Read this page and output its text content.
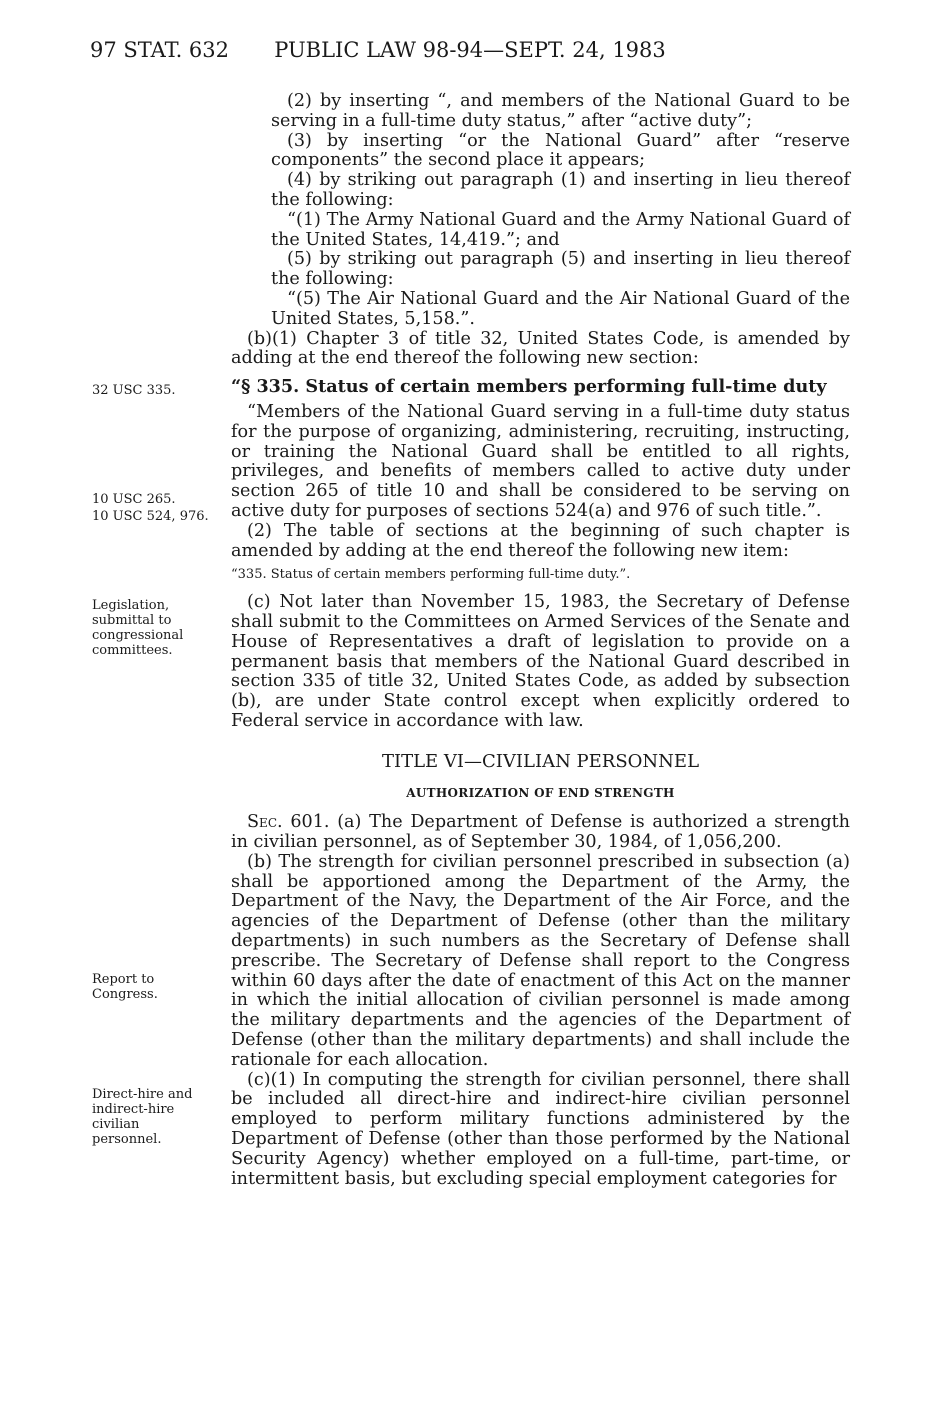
97 STAT. 632	PUBLIC LAW 98-94—SEPT. 24, 1983
32 USC 335.
10 USC 265.
10 USC 524, 976.
Legislation, submittal to congressional committees.
Report to Congress.
Direct-hire and indirect-hire civilian personnel.

(2) by inserting “, and members of the National Guard to be serving in a full-time duty status,” after “active duty”;

(3) by inserting “or the National Guard” after “reserve components” the second place it appears;

(4) by striking out paragraph (1) and inserting in lieu thereof the following:

“(1) The Army National Guard and the Army National Guard of the United States, 14,419.”; and

(5) by striking out paragraph (5) and inserting in lieu thereof the following:

“(5) The Air National Guard and the Air National Guard of the United States, 5,158.”.

(b)(1) Chapter 3 of title 32, United States Code, is amended by adding at the end thereof the following new section:

“§ 335. Status of certain members performing full-time duty

“Members of the National Guard serving in a full-time duty status for the purpose of organizing, administering, recruiting, instructing, or training the National Guard shall be entitled to all rights, privileges, and benefits of members called to active duty under section 265 of title 10 and shall be considered to be serving on active duty for purposes of sections 524(a) and 976 of such title.”.

(2) The table of sections at the beginning of such chapter is amended by adding at the end thereof the following new item:

“335. Status of certain members performing full-time duty.”.

(c) Not later than November 15, 1983, the Secretary of Defense shall submit to the Committees on Armed Services of the Senate and House of Representatives a draft of legislation to provide on a permanent basis that members of the National Guard described in section 335 of title 32, United States Code, as added by subsection (b), are under State control except when explicitly ordered to Federal service in accordance with law.

TITLE VI—CIVILIAN PERSONNEL

AUTHORIZATION OF END STRENGTH

Sec. 601. (a) The Department of Defense is authorized a strength in civilian personnel, as of September 30, 1984, of 1,056,200.

(b) The strength for civilian personnel prescribed in subsection (a) shall be apportioned among the Department of the Army, the Department of the Navy, the Department of the Air Force, and the agencies of the Department of Defense (other than the military departments) in such numbers as the Secretary of Defense shall prescribe. The Secretary of Defense shall report to the Congress within 60 days after the date of enactment of this Act on the manner in which the initial allocation of civilian personnel is made among the military departments and the agencies of the Department of Defense (other than the military departments) and shall include the rationale for each allocation.

(c)(1) In computing the strength for civilian personnel, there shall be included all direct-hire and indirect-hire civilian personnel employed to perform military functions administered by the Department of Defense (other than those performed by the National Security Agency) whether employed on a full-time, part-time, or intermittent basis, but excluding special employment categories for
